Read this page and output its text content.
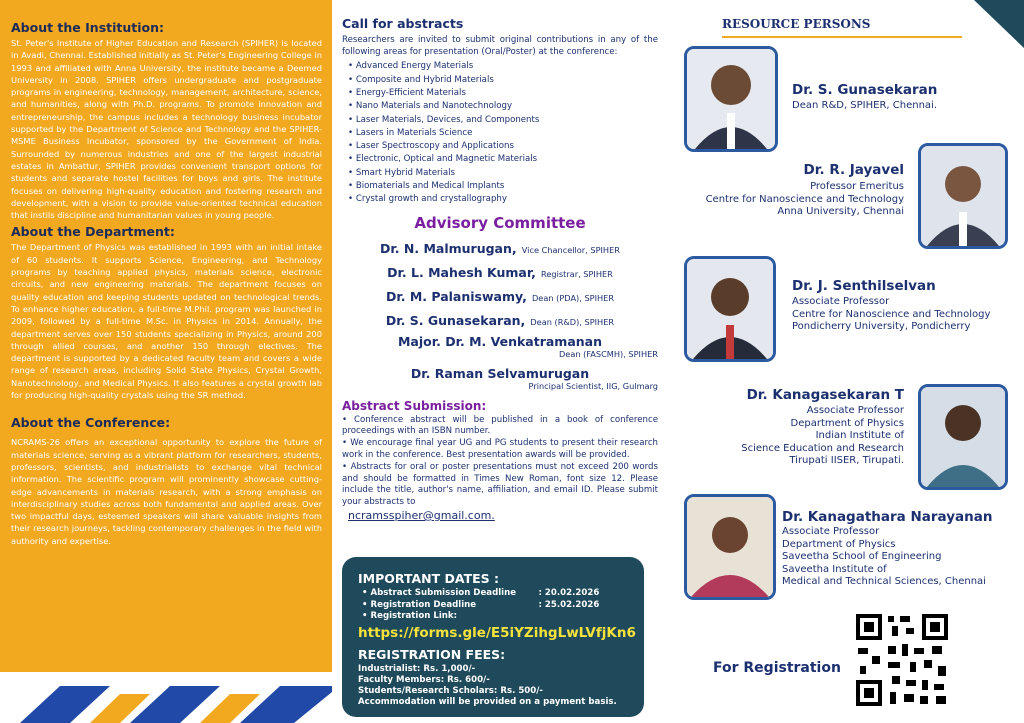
About the Institution:

St. Peter's Institute of Higher Education and Research (SPIHER) is located in Avadi, Chennai. Established initially as St. Peter's Engineering College in 1993 and affiliated with Anna University, the institute became a Deemed University in 2008. SPIHER offers undergraduate and postgraduate programs in engineering, technology, management, architecture, science, and humanities, along with Ph.D. programs. To promote innovation and entrepreneurship, the campus includes a technology business incubator supported by the Department of Science and Technology and the SPIHER-MSME Business Incubator, sponsored by the Government of India. Surrounded by numerous industries and one of the largest industrial estates in Ambattur, SPIHER provides convenient transport options for students and separate hostel facilities for boys and girls. The institute focuses on delivering high-quality education and fostering research and development, with a vision to provide value-oriented technical education that instils discipline and humanitarian values in young people.

About the Department:

The Department of Physics was established in 1993 with an initial intake of 60 students. It supports Science, Engineering, and Technology programs by teaching applied physics, materials science, electronic circuits, and new engineering materials. The department focuses on quality education and keeping students updated on technological trends. To enhance higher education, a full-time M.Phil. program was launched in 2009, followed by a full-time M.Sc. in Physics in 2014. Annually, the department serves over 150 students specializing in Physics, around 200 through allied courses, and another 150 through electives. The department is supported by a dedicated faculty team and covers a wide range of research areas, including Solid State Physics, Crystal Growth, Nanotechnology, and Medical Physics. It also features a crystal growth lab for producing high-quality crystals using the SR method.

About the Conference:

NCRAMS-26 offers an exceptional opportunity to explore the future of materials science, serving as a vibrant platform for researchers, students, professors, scientists, and industrialists to exchange vital technical information. The scientific program will prominently showcase cutting-edge advancements in materials research, with a strong emphasis on interdisciplinary studies across both fundamental and applied areas. Over two impactful days, esteemed speakers will share valuable insights from their research journeys, tackling contemporary challenges in the field with authority and expertise.

Call for abstracts

Researchers are invited to submit original contributions in any of the following areas for presentation (Oral/Poster) at the conference:

• Advanced Energy Materials
• Composite and Hybrid Materials
• Energy-Efficient Materials
• Nano Materials and Nanotechnology
• Laser Materials, Devices, and Components
• Lasers in Materials Science
• Laser Spectroscopy and Applications
• Electronic, Optical and Magnetic Materials
• Smart Hybrid Materials
• Biomaterials and Medical Implants
• Crystal growth and crystallography
Advisory Committee
Dr. N. Malmurugan, Vice Chancellor, SPIHER
Dr. L. Mahesh Kumar, Registrar, SPIHER
Dr. M. Palaniswamy, Dean (PDA), SPIHER
Dr. S. Gunasekaran, Dean (R&D), SPIHER
Major. Dr. M. Venkatramanan
Dean (FASCMH), SPIHER
Dr. Raman Selvamurugan
Principal Scientist, IIG, Gulmarg
Abstract Submission:
• Conference abstract will be published in a book of conference proceedings with an ISBN number.
• We encourage final year UG and PG students to present their research work in the conference. Best presentation awards will be provided.
• Abstracts for oral or poster presentations must not exceed 200 words and should be formatted in Times New Roman, font size 12. Please include the title, author's name, affiliation, and email ID. Please submit your abstracts to
ncramsspiher@gmail.com.
IMPORTANT DATES :
• Abstract Submission Deadline	: 20.02.2026
• Registration Deadline	: 25.02.2026
• Registration Link:
https://forms.gle/E5iYZihgLwLVfjKn6
REGISTRATION FEES:

Industrialist: Rs. 1,000/-

Faculty Members: Rs. 600/-

Students/Research Scholars: Rs. 500/-

Accommodation will be provided on a payment basis.

RESOURCE PERSONS
Dr. S. Gunasekaran
Dean R&D, SPIHER, Chennai.
Dr. R. Jayavel
Professor Emeritus
Centre for Nanoscience and Technology
Anna University, Chennai
Dr. J. Senthilselvan
Associate Professor
Centre for Nanoscience and Technology
Pondicherry University, Pondicherry
Dr. Kanagasekaran T
Associate Professor
Department of Physics
Indian Institute of
Science Education and Research
Tirupati IISER, Tirupati.
Dr. Kanagathara Narayanan
Associate Professor
Department of Physics
Saveetha School of Engineering
Saveetha Institute of
Medical and Technical Sciences, Chennai
For Registration
